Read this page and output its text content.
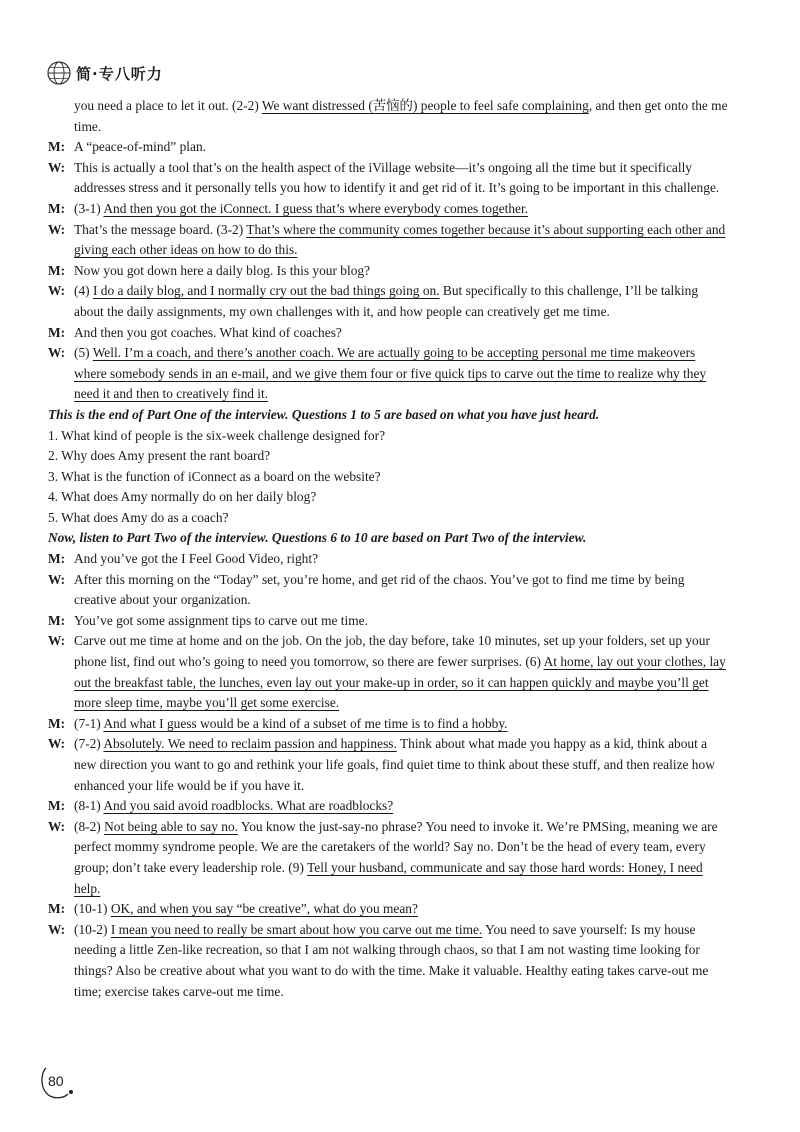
简·专八听力

you need a place to let it out. (2-2) We want distressed (苦恼的) people to feel safe complaining, and then get onto the me time.

M: A “peace-of-mind” plan.

W: This is actually a tool that’s on the health aspect of the iVillage website—it’s ongoing all the time but it specifically addresses stress and it personally tells you how to identify it and get rid of it. It’s going to be important in this challenge.

M: (3-1) And then you got the iConnect. I guess that’s where everybody comes together.

W: That’s the message board. (3-2) That’s where the community comes together because it’s about supporting each other and giving each other ideas on how to do this.

M: Now you got down here a daily blog. Is this your blog?

W: (4) I do a daily blog, and I normally cry out the bad things going on. But specifically to this challenge, I’ll be talking about the daily assignments, my own challenges with it, and how people can creatively get me time.

M: And then you got coaches. What kind of coaches?

W: (5) Well. I’m a coach, and there’s another coach. We are actually going to be accepting personal me time makeovers where somebody sends in an e-mail, and we give them four or five quick tips to carve out the time to realize why they need it and then to creatively find it.

This is the end of Part One of the interview. Questions 1 to 5 are based on what you have just heard.

1. What kind of people is the six-week challenge designed for?

2. Why does Amy present the rant board?

3. What is the function of iConnect as a board on the website?

4. What does Amy normally do on her daily blog?

5. What does Amy do as a coach?

Now, listen to Part Two of the interview. Questions 6 to 10 are based on Part Two of the interview.

M: And you’ve got the I Feel Good Video, right?

W: After this morning on the “Today” set, you’re home, and get rid of the chaos. You’ve got to find me time by being creative about your organization.

M: You’ve got some assignment tips to carve out me time.

W: Carve out me time at home and on the job. On the job, the day before, take 10 minutes, set up your folders, set up your phone list, find out who’s going to need you tomorrow, so there are fewer surprises. (6) At home, lay out your clothes, lay out the breakfast table, the lunches, even lay out your make-up in order, so it can happen quickly and maybe you’ll get more sleep time, maybe you’ll get some exercise.

M: (7-1) And what I guess would be a kind of a subset of me time is to find a hobby.

W: (7-2) Absolutely. We need to reclaim passion and happiness. Think about what made you happy as a kid, think about a new direction you want to go and rethink your life goals, find quiet time to think about these stuff, and then realize how enhanced your life would be if you have it.

M: (8-1) And you said avoid roadblocks. What are roadblocks?

W: (8-2) Not being able to say no. You know the just-say-no phrase? You need to invoke it. We’re PMSing, meaning we are perfect mommy syndrome people. We are the caretakers of the world? Say no. Don’t be the head of every team, every group; don’t take every leadership role. (9) Tell your husband, communicate and say those hard words: Honey, I need help.

M: (10-1) OK, and when you say “be creative”, what do you mean?

W: (10-2) I mean you need to really be smart about how you carve out me time. You need to save yourself: Is my house needing a little Zen-like recreation, so that I am not walking through chaos, so that I am not wasting time looking for things? Also be creative about what you want to do with the time. Make it valuable. Healthy eating takes carve-out me time; exercise takes carve-out me time.

80
